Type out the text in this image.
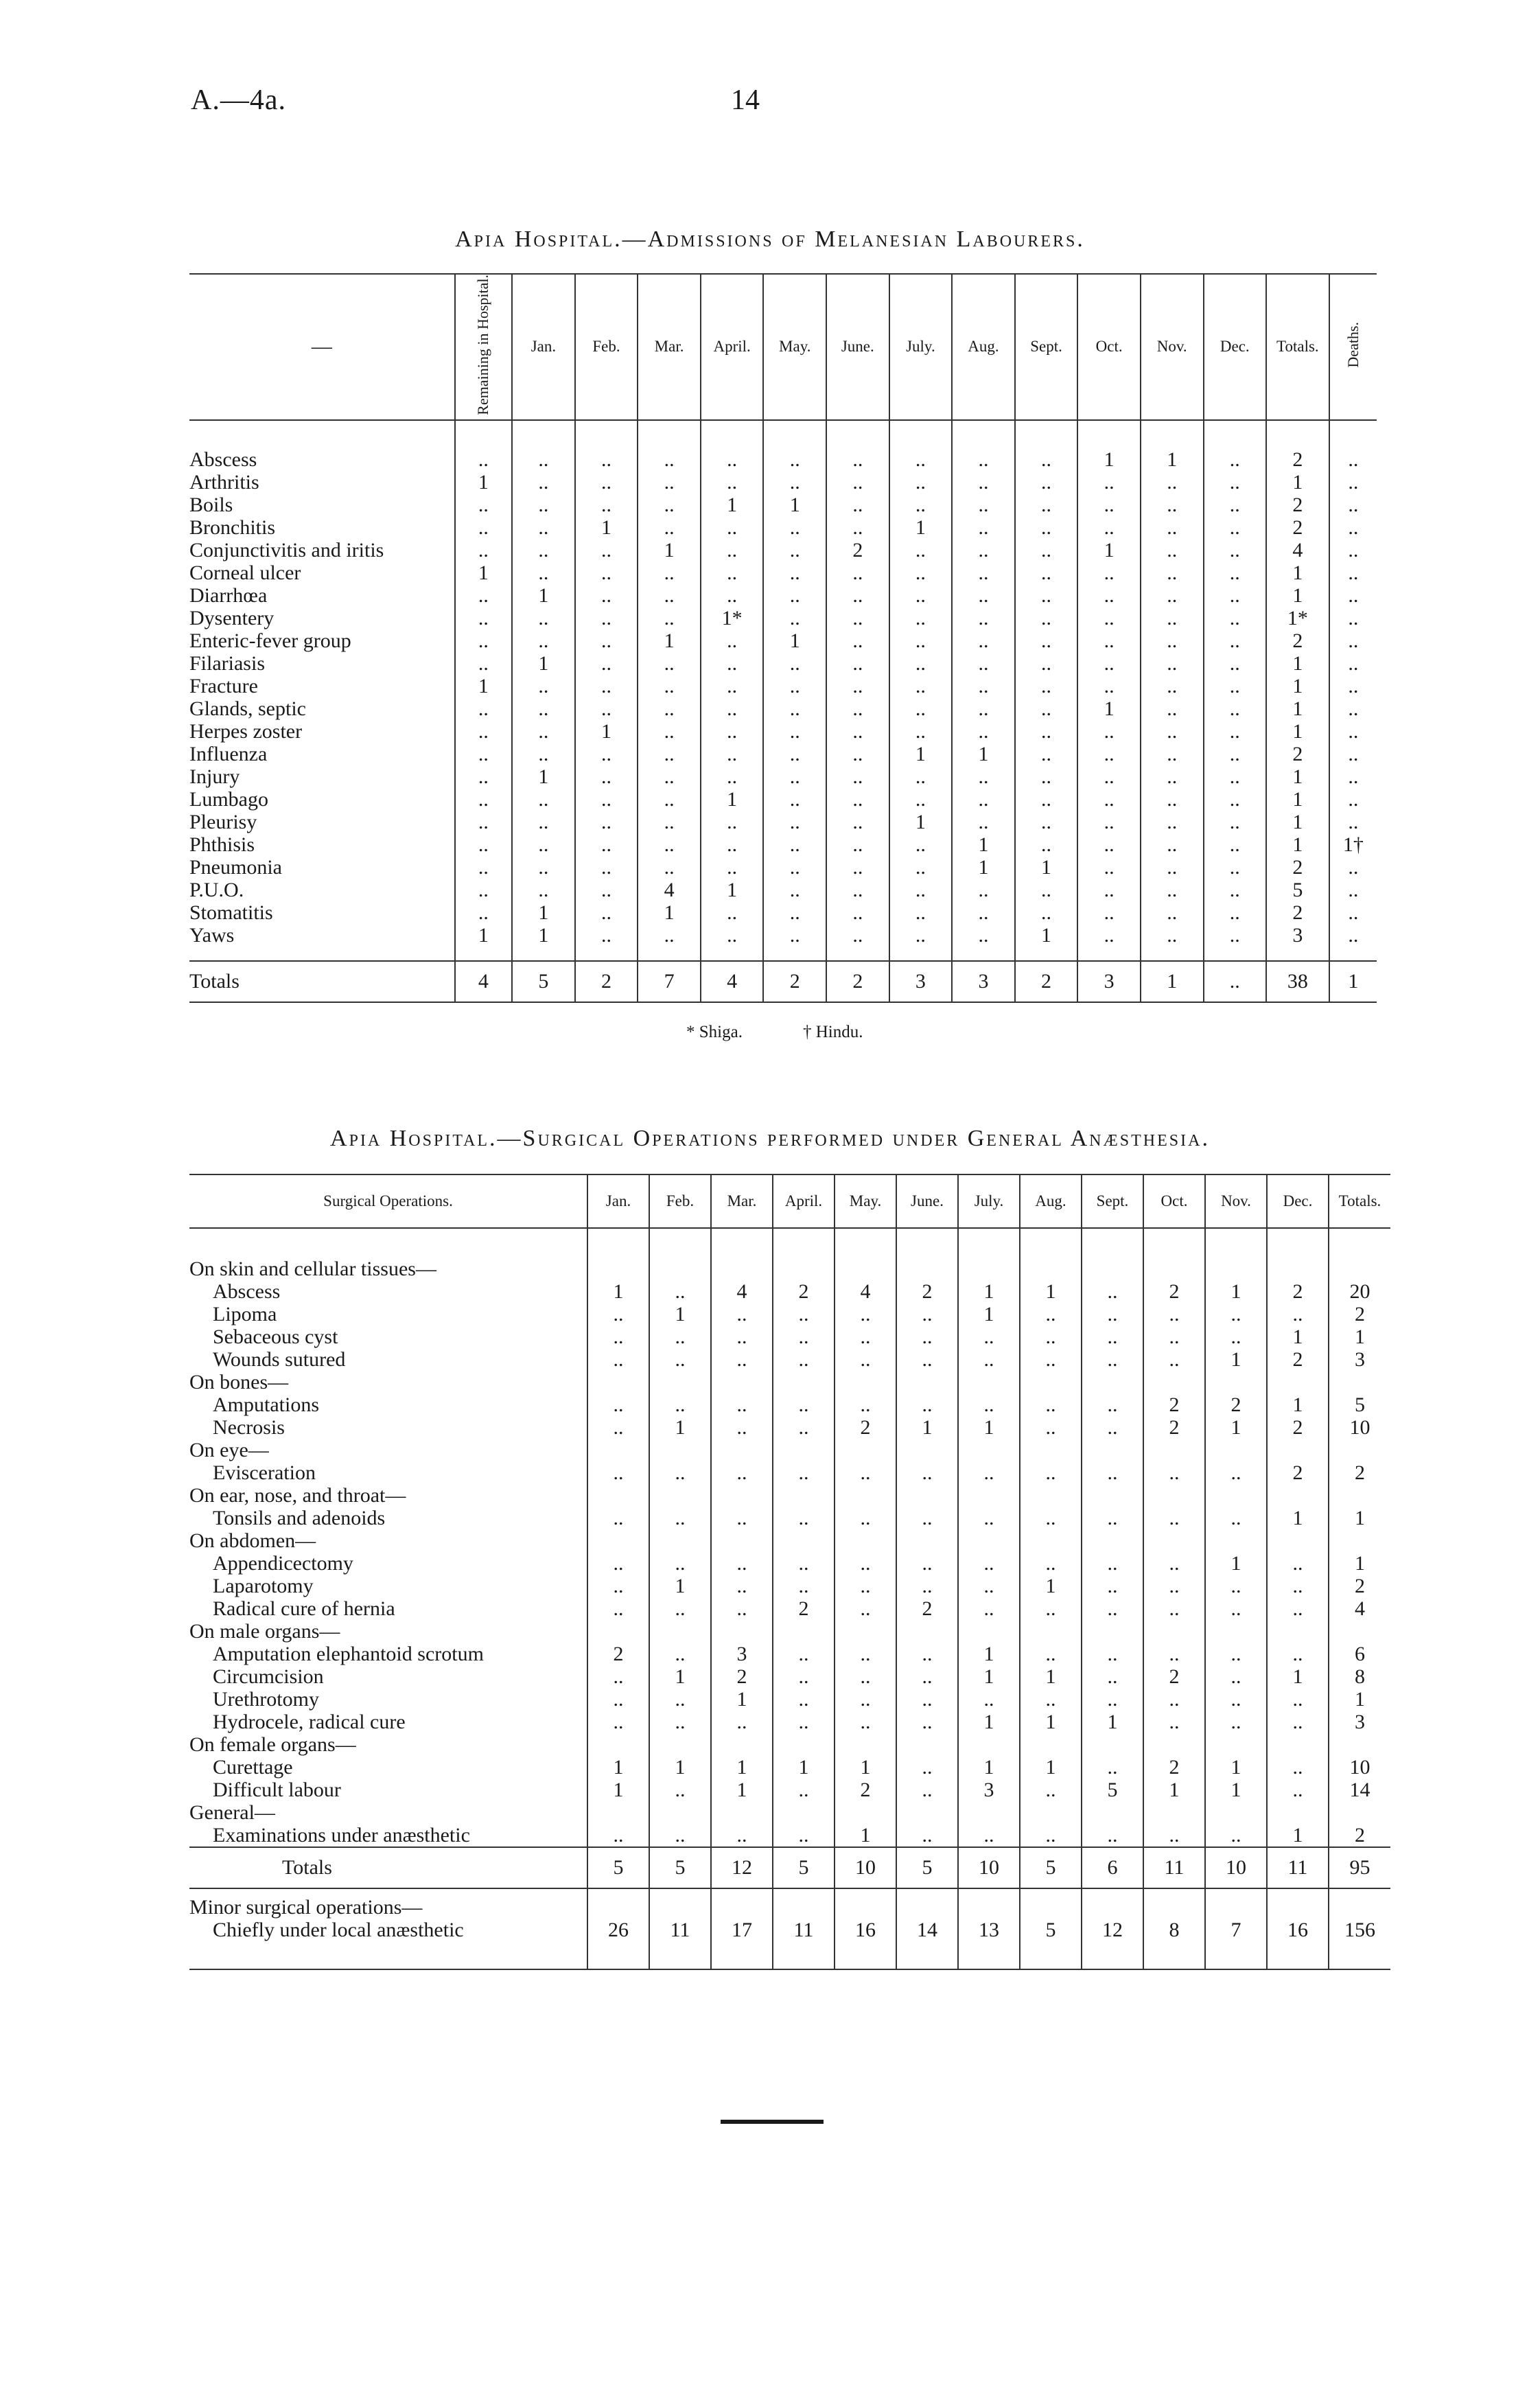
A.—4a.	14
Apia Hospital.—Admissions of Melanesian Labourers.
—	Remaining in Hospital.	Jan.	Feb.	Mar.	April.	May.	June.	July.	Aug.	Sept.	Oct.	Nov.	Dec.	Totals.	Deaths.

Abscess	..	..	..	..	..	..	..	..	..	..	1	1	..	2	..
Arthritis	1	..	..	..	..	..	..	..	..	..	..	..	..	1	..
Boils	..	..	..	..	1	1	..	..	..	..	..	..	..	2	..
Bronchitis	..	..	1	..	..	..	..	1	..	..	..	..	..	2	..
Conjunctivitis and iritis	..	..	..	1	..	..	2	..	..	..	1	..	..	4	..
Corneal ulcer	1	..	..	..	..	..	..	..	..	..	..	..	..	1	..
Diarrhœa	..	1	..	..	..	..	..	..	..	..	..	..	..	1	..
Dysentery	..	..	..	..	1*	..	..	..	..	..	..	..	..	1*	..
Enteric-fever group	..	..	..	1	..	1	..	..	..	..	..	..	..	2	..
Filariasis	..	1	..	..	..	..	..	..	..	..	..	..	..	1	..
Fracture	1	..	..	..	..	..	..	..	..	..	..	..	..	1	..
Glands, septic	..	..	..	..	..	..	..	..	..	..	1	..	..	1	..
Herpes zoster	..	..	1	..	..	..	..	..	..	..	..	..	..	1	..
Influenza	..	..	..	..	..	..	..	1	1	..	..	..	..	2	..
Injury	..	1	..	..	..	..	..	..	..	..	..	..	..	1	..
Lumbago	..	..	..	..	1	..	..	..	..	..	..	..	..	1	..
Pleurisy	..	..	..	..	..	..	..	1	..	..	..	..	..	1	..
Phthisis	..	..	..	..	..	..	..	..	1	..	..	..	..	1	1†
Pneumonia	..	..	..	..	..	..	..	..	1	1	..	..	..	2	..
P.U.O.	..	..	..	4	1	..	..	..	..	..	..	..	..	5	..
Stomatitis	..	1	..	1	..	..	..	..	..	..	..	..	..	2	..
Yaws	1	1	..	..	..	..	..	..	..	1	..	..	..	3	..

Totals	4	5	2	7	4	2	2	3	3	2	3	1	..	38	1
* Shiga.	† Hindu.
Apia Hospital.—Surgical Operations performed under General Anæsthesia.
Surgical Operations.	Jan.	Feb.	Mar.	April.	May.	June.	July.	Aug.	Sept.	Oct.	Nov.	Dec.	Totals.

On skin and cellular tissues—													
Abscess	1	..	4	2	4	2	1	1	..	2	1	2	20
Lipoma	..	1	..	..	..	..	1	..	..	..	..	..	2
Sebaceous cyst	..	..	..	..	..	..	..	..	..	..	..	1	1
Wounds sutured	..	..	..	..	..	..	..	..	..	..	1	2	3
On bones—													
Amputations	..	..	..	..	..	..	..	..	..	2	2	1	5
Necrosis	..	1	..	..	2	1	1	..	..	2	1	2	10
On eye—													
Evisceration	..	..	..	..	..	..	..	..	..	..	..	2	2
On ear, nose, and throat—													
Tonsils and adenoids	..	..	..	..	..	..	..	..	..	..	..	1	1
On abdomen—													
Appendicectomy	..	..	..	..	..	..	..	..	..	..	1	..	1
Laparotomy	..	1	..	..	..	..	..	1	..	..	..	..	2
Radical cure of hernia	..	..	..	2	..	2	..	..	..	..	..	..	4
On male organs—													
Amputation elephantoid scrotum	2	..	3	..	..	..	1	..	..	..	..	..	6
Circumcision	..	1	2	..	..	..	1	1	..	2	..	1	8
Urethrotomy	..	..	1	..	..	..	..	..	..	..	..	..	1
Hydrocele, radical cure	..	..	..	..	..	..	1	1	1	..	..	..	3
On female organs—													
Curettage	1	1	1	1	1	..	1	1	..	2	1	..	10
Difficult labour	1	..	1	..	2	..	3	..	5	1	1	..	14
General—													
Examinations under anæsthetic	..	..	..	..	1	..	..	..	..	..	..	1	2
Totals	5	5	12	5	10	5	10	5	6	11	10	11	95

Minor surgical operations—													
Chiefly under local anæsthetic	26	11	17	11	16	14	13	5	12	8	7	16	156
